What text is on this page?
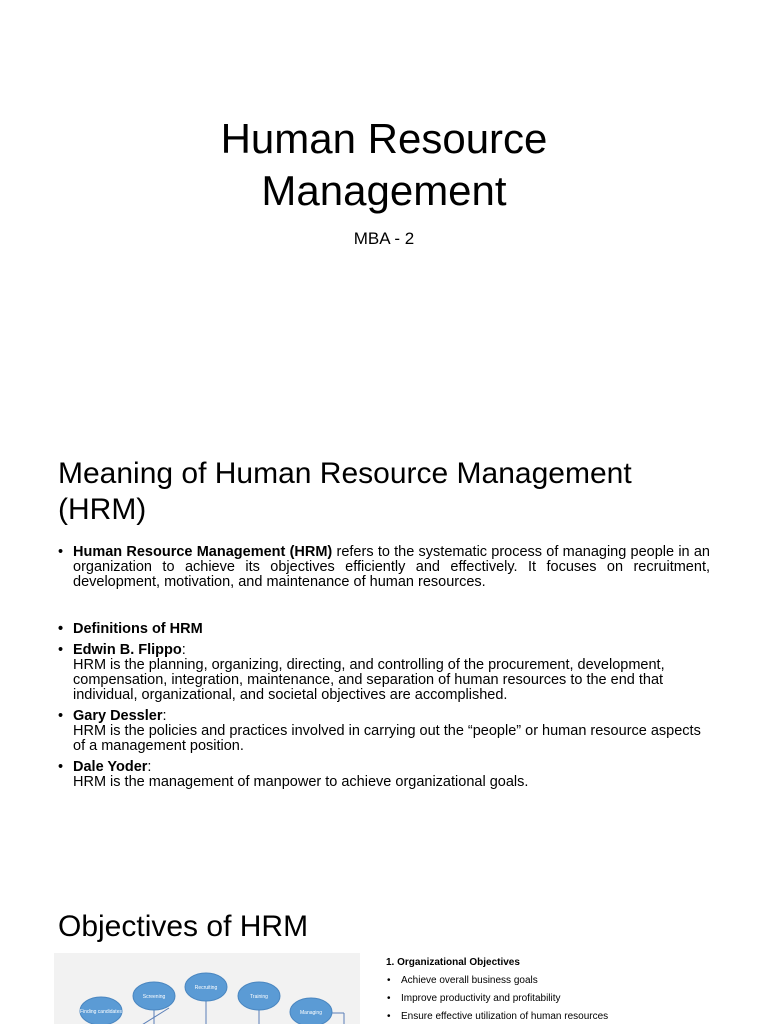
Human Resource
Management
MBA - 2
Meaning of Human Resource Management
(HRM)
• Human Resource Management (HRM) refers to the systematic process of managing people in an organization to achieve its objectives efficiently and effectively. It focuses on recruitment, development, motivation, and maintenance of human resources.
• Definitions of HRM
• Edwin B. Flippo:
HRM is the planning, organizing, directing, and controlling of the procurement, development, compensation, integration, maintenance, and separation of human resources to the end that individual, organizational, and societal objectives are accomplished.
• Gary Dessler:
HRM is the policies and practices involved in carrying out the “people” or human resource aspects of a management position.
• Dale Yoder:
HRM is the management of manpower to achieve organizational goals.
Objectives of HRM
Recruiting
Screening	Training
Finding candidates	Managing
1. Organizational Objectives
• Achieve overall business goals
• Improve productivity and profitability
• Ensure effective utilization of human resources
